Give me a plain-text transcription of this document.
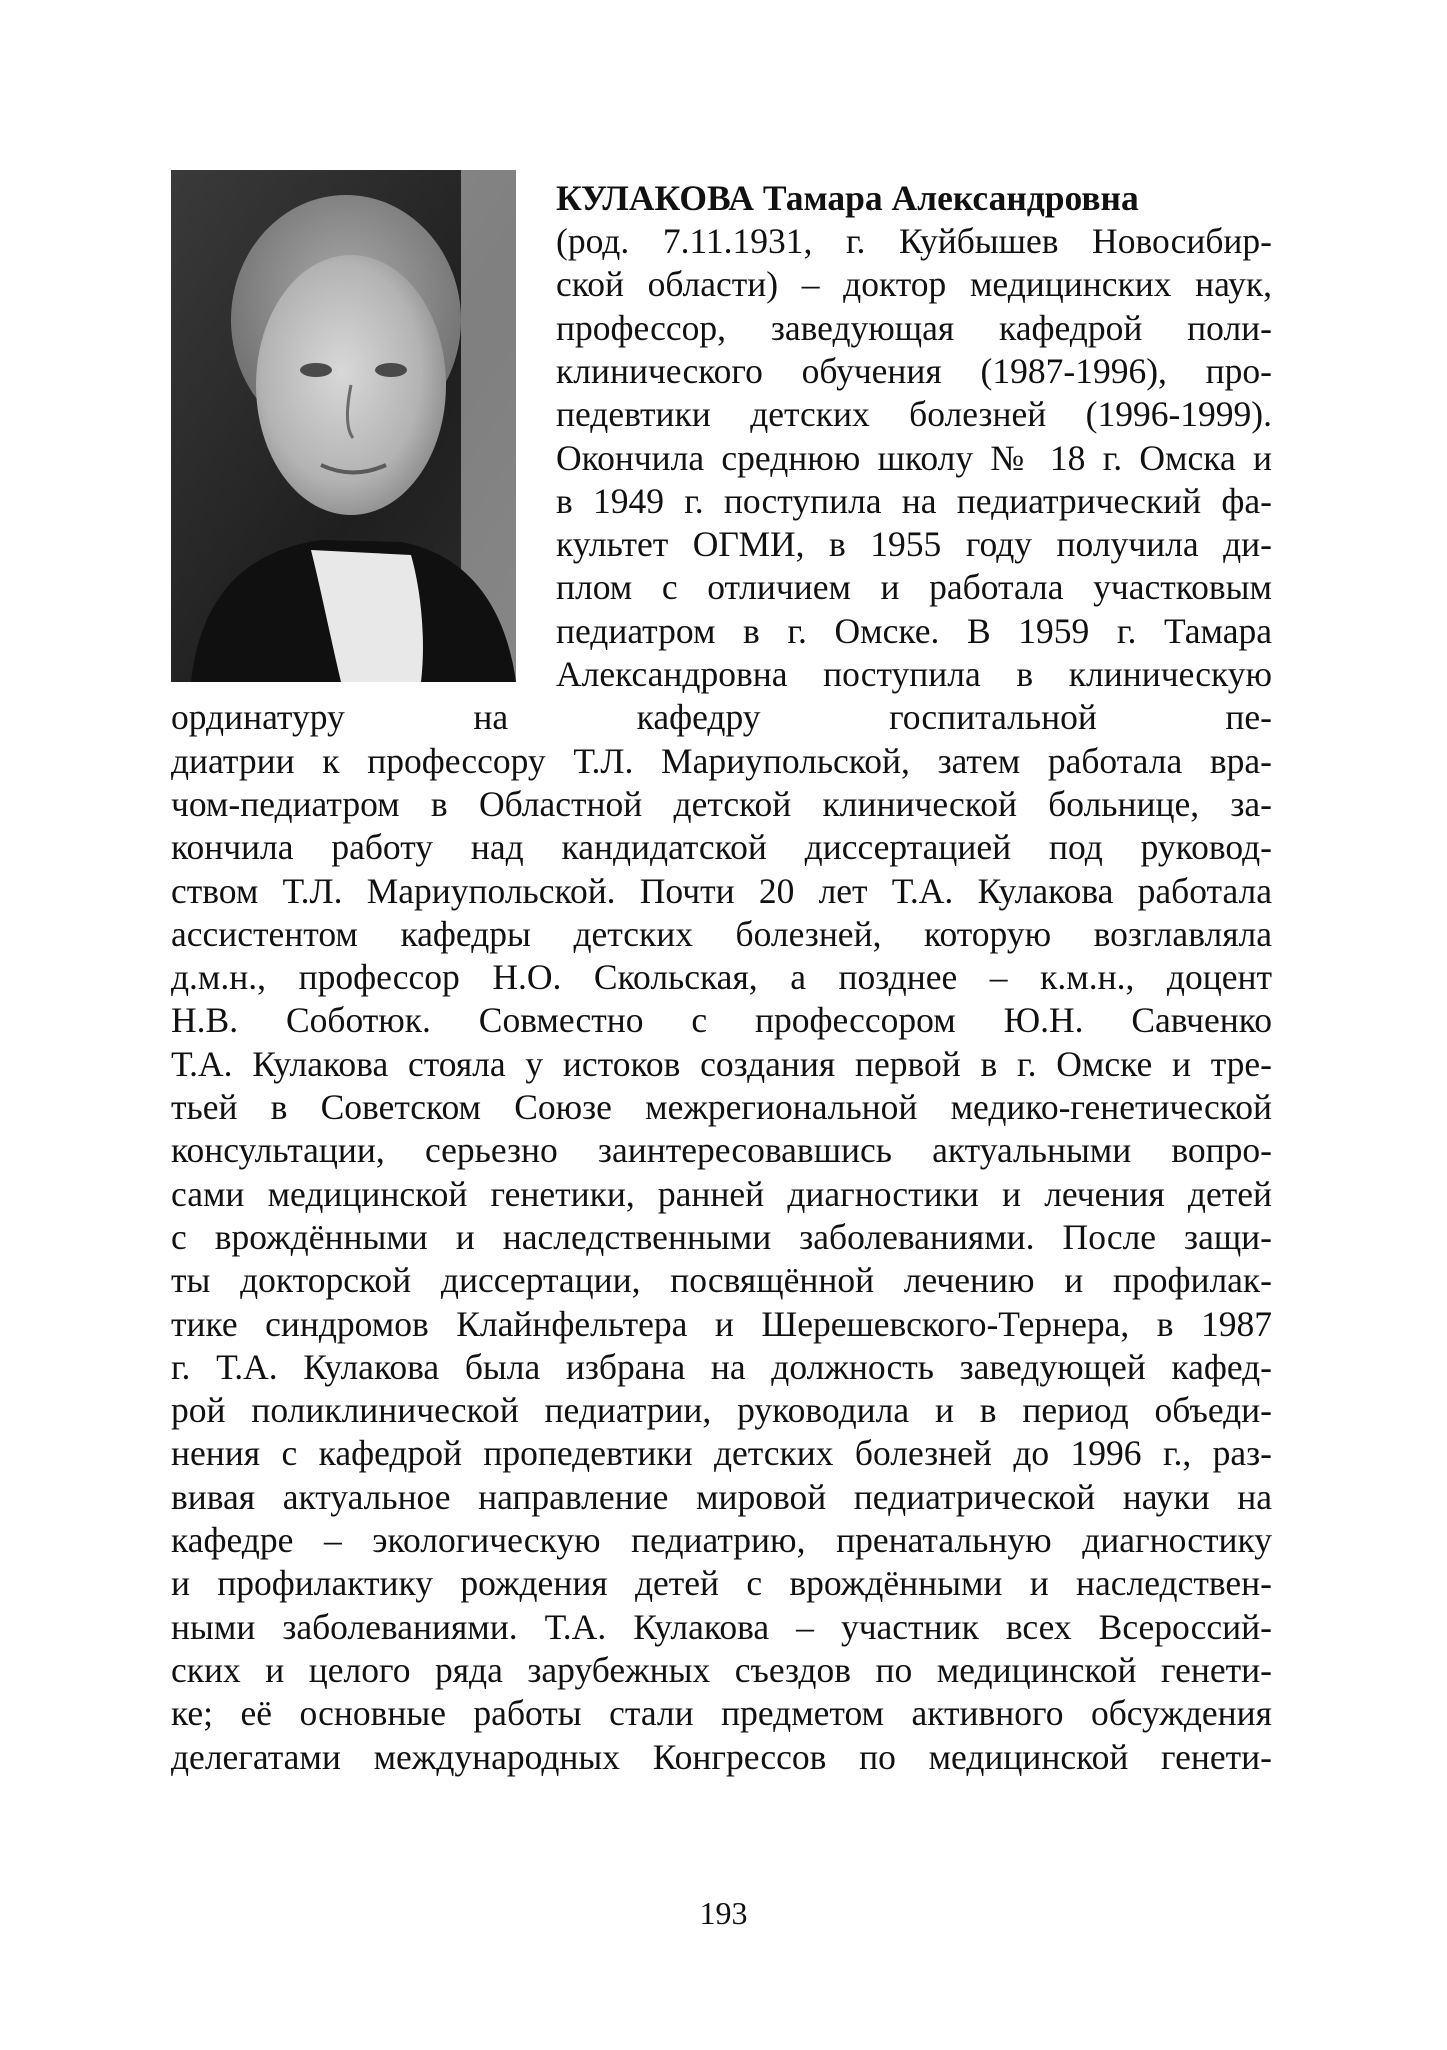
КУЛАКОВА Тамара Александровна
(род. 7.11.1931, г. Куйбышев Новосибир-
ской области) – доктор медицинских наук,
профессор, заведующая кафедрой поли-
клинического обучения (1987-1996), про-
педевтики детских болезней (1996-1999).
Окончила среднюю школу № 18 г. Омска и
в 1949 г. поступила на педиатрический фа-
культет ОГМИ, в 1955 году получила ди-
плом с отличием и работала участковым
педиатром в г. Омске. В 1959 г. Тамара
Александровна поступила в клиническую
ординатуру на кафедру госпитальной пе-
диатрии к профессору Т.Л. Мариупольской, затем работала вра-
чом-педиатром в Областной детской клинической больнице, за-
кончила работу над кандидатской диссертацией под руковод-
ством Т.Л. Мариупольской. Почти 20 лет Т.А. Кулакова работала
ассистентом кафедры детских болезней, которую возглавляла
д.м.н., профессор Н.О. Скольская, а позднее – к.м.н., доцент
Н.В. Соботюк. Совместно с профессором Ю.Н. Савченко
Т.А. Кулакова стояла у истоков создания первой в г. Омске и тре-
тьей в Советском Союзе межрегиональной медико-генетической
консультации, серьезно заинтересовавшись актуальными вопро-
сами медицинской генетики, ранней диагностики и лечения детей
с врождёнными и наследственными заболеваниями. После защи-
ты докторской диссертации, посвящённой лечению и профилак-
тике синдромов Клайнфельтера и Шерешевского-Тернера, в 1987
г. Т.А. Кулакова была избрана на должность заведующей кафед-
рой поликлинической педиатрии, руководила и в период объеди-
нения с кафедрой пропедевтики детских болезней до 1996 г., раз-
вивая актуальное направление мировой педиатрической науки на
кафедре – экологическую педиатрию, пренатальную диагностику
и профилактику рождения детей с врождёнными и наследствен-
ными заболеваниями. Т.А. Кулакова – участник всех Всероссий-
ских и целого ряда зарубежных съездов по медицинской генети-
ке; её основные работы стали предметом активного обсуждения
делегатами международных Конгрессов по медицинской генети-
193
